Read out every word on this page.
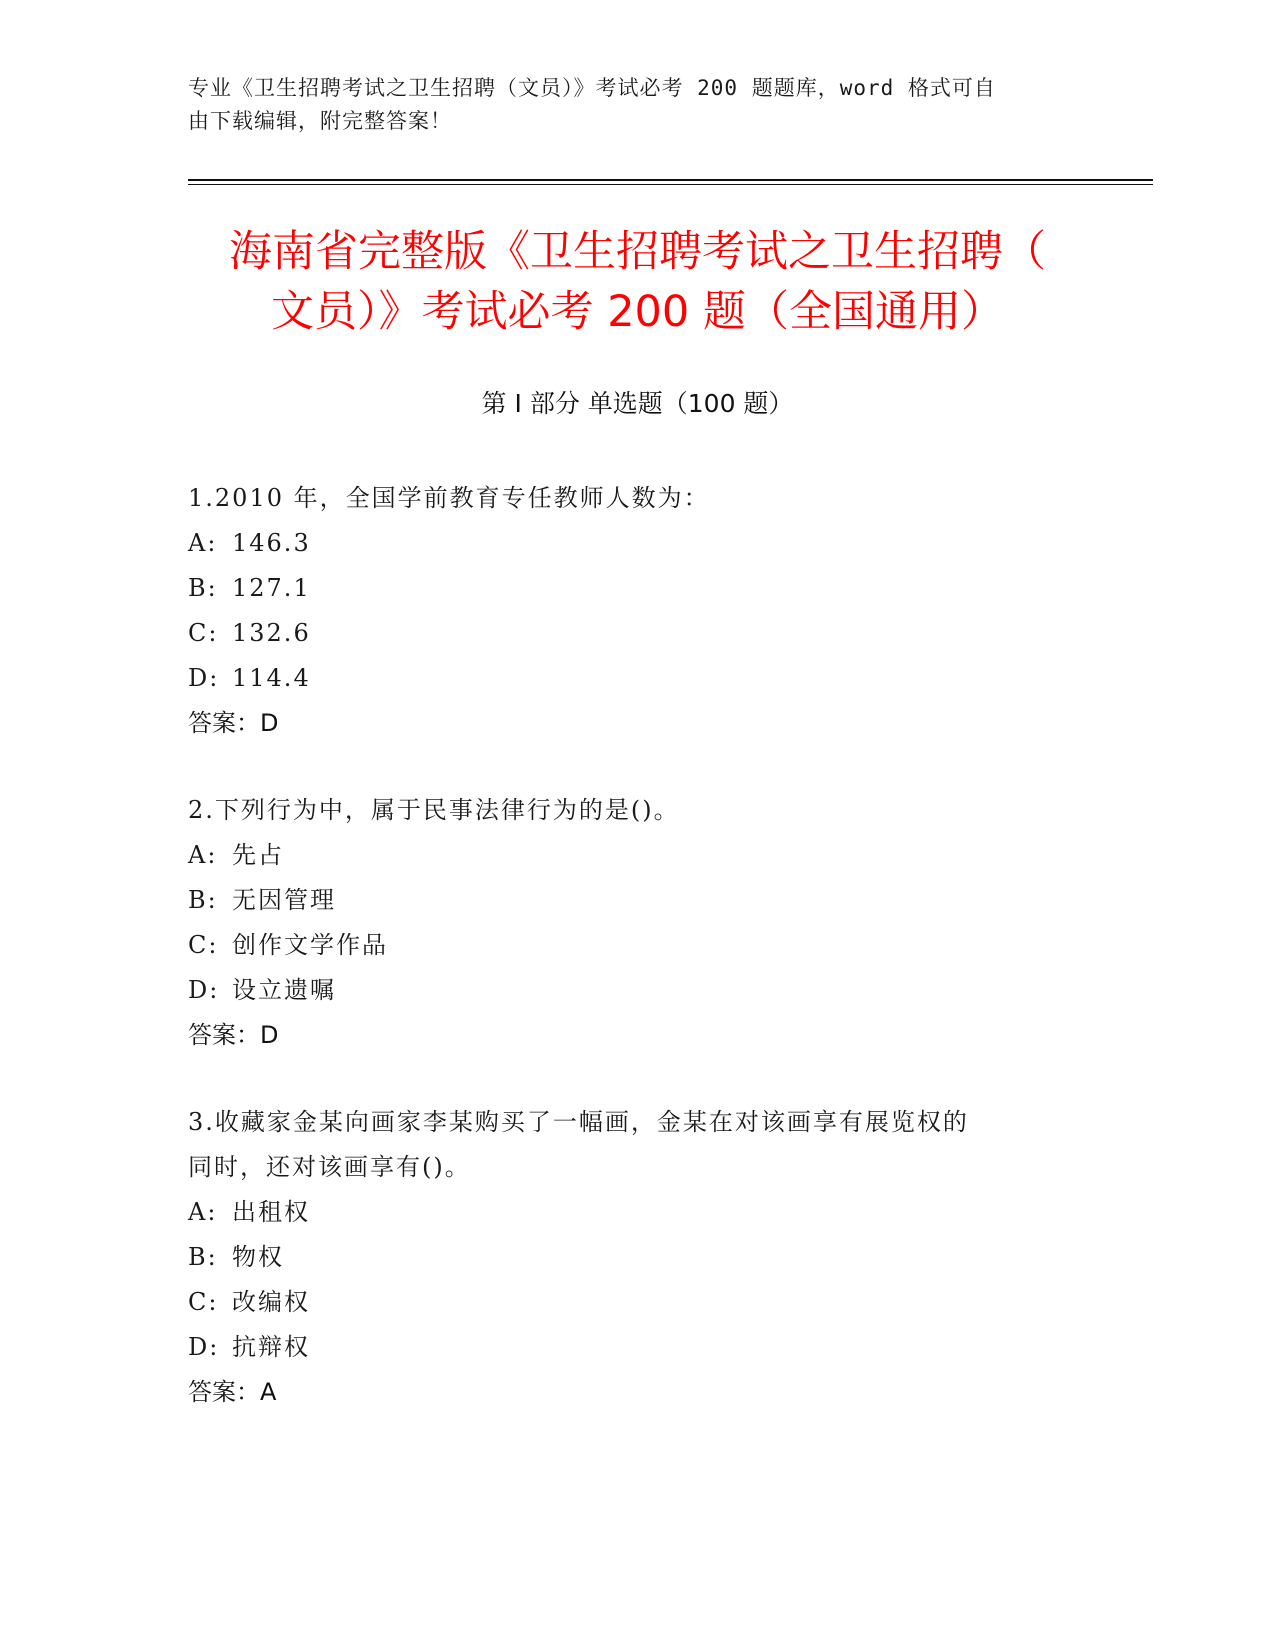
专业《卫生招聘考试之卫生招聘（文员）》考试必考 200 题题库，word 格式可自
由下载编辑，附完整答案！
海南省完整版《卫生招聘考试之卫生招聘（
文员）》考试必考 200 题（全国通用）
第 I 部分 单选题（100 题）
1.2010 年，全国学前教育专任教师人数为：
A: 146.3
B: 127.1
C: 132.6
D: 114.4
答案：D
2.下列行为中，属于民事法律行为的是()。
A: 先占
B: 无因管理
C: 创作文学作品
D: 设立遗嘱
答案：D
3.收藏家金某向画家李某购买了一幅画，金某在对该画享有展览权的
同时，还对该画享有()。
A: 出租权
B: 物权
C: 改编权
D: 抗辩权
答案：A
